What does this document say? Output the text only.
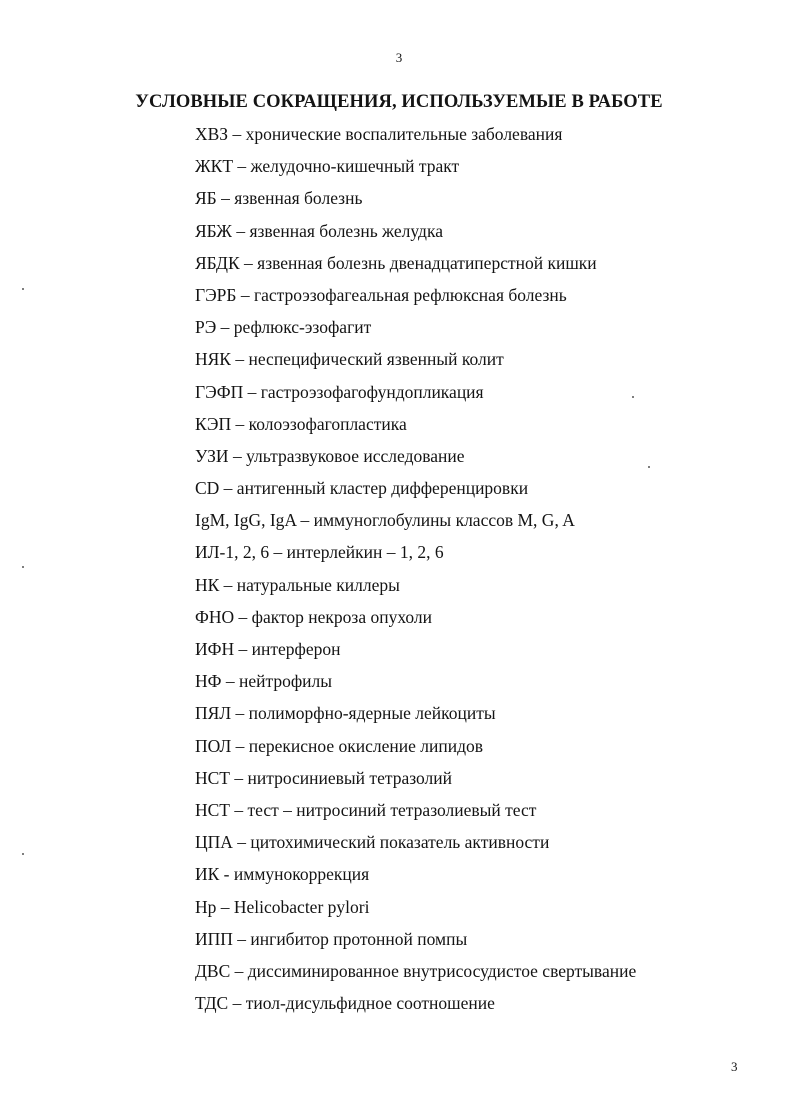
3
УСЛОВНЫЕ СОКРАЩЕНИЯ, ИСПОЛЬЗУЕМЫЕ В РАБОТЕ
ХВЗ – хронические воспалительные заболевания
ЖКТ – желудочно-кишечный тракт
ЯБ – язвенная болезнь
ЯБЖ – язвенная болезнь желудка
ЯБДК – язвенная болезнь двенадцатиперстной кишки
ГЭРБ – гастроэзофагеальная рефлюксная болезнь
РЭ – рефлюкс-эзофагит
НЯК – неспецифический язвенный колит
ГЭФП – гастроэзофагофундопликация
КЭП – колоэзофагопластика
УЗИ – ультразвуковое исследование
CD – антигенный кластер дифференцировки
IgM, IgG, IgA – иммуноглобулины классов M, G, A
ИЛ-1, 2, 6 – интерлейкин – 1, 2, 6
НК – натуральные киллеры
ФНО – фактор некроза опухоли
ИФН – интерферон
НФ – нейтрофилы
ПЯЛ – полиморфно-ядерные лейкоциты
ПОЛ – перекисное окисление липидов
НСТ – нитросиниевый тетразолий
НСТ – тест – нитросиний тетразолиевый тест
ЦПА – цитохимический показатель активности
ИК - иммунокоррекция
Hp – Helicobacter pylori
ИПП – ингибитор протонной помпы
ДВС – диссиминированное внутрисосудистое свертывание
ТДС – тиол-дисульфидное соотношение
3
